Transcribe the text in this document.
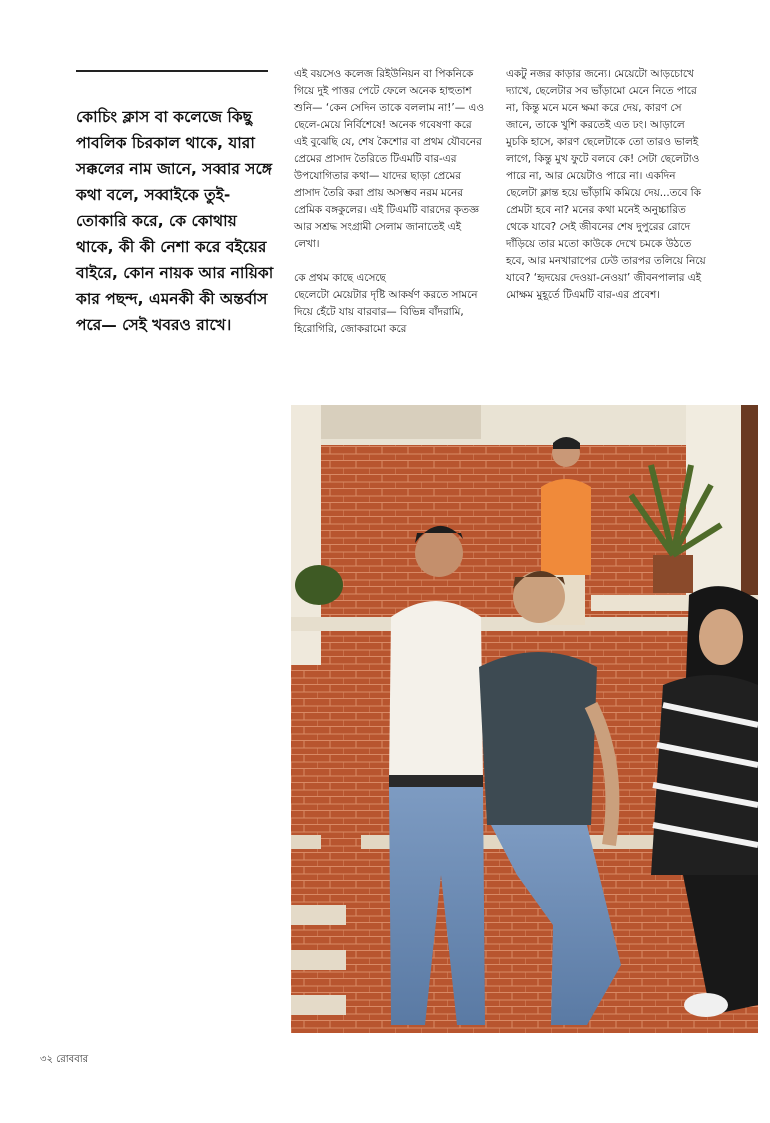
কোচিং ক্লাস বা কলেজে কিছু পাবলিক চিরকাল থাকে, যারা সক্কলের নাম জানে, সব্বার সঙ্গে কথা বলে, সব্বাইকে তুই-তোকারি করে, কে কোথায় থাকে, কী কী নেশা করে বইয়ের বাইরে, কোন নায়ক আর নায়িকা কার পছন্দ, এমনকী কী অন্তর্বাস পরে— সেই খবরও রাখে।

এই বয়সেও কলেজ রিইউনিয়ন বা পিকনিকে গিয়ে দুই পাত্তর পেটে ফেলে অনেক হাহুতাশ শুনি— ‘কেন সেদিন তাকে বললাম না!’— এও ছেলে-মেয়ে নির্বিশেষে! অনেক গবেষণা করে এই বুঝেছি যে, শেষ কৈশোর বা প্রথম যৌবনের প্রেমের প্রাসাদ তৈরিতে টিএমটি বার-এর উপযোগিতার কথা— যাদের ছাড়া প্রেমের প্রাসাদ তৈরি করা প্রায় অসম্ভব নরম মনের প্রেমিক বঙ্গকুলের। এই টিএমটি বারদের কৃতজ্ঞ আর সশ্রদ্ধ সংগ্রামী সেলাম জানাতেই এই লেখা।

কে প্রথম কাছে এসেছে

ছেলেটো মেয়েটার দৃষ্টি আকর্ষণ করতে সামনে দিয়ে হেঁটে যায় বারবার— বিভিন্ন বাঁদরামি, হিরোগিরি, জোকরামো করে

একটু নজর কাড়ার জন্যে। মেয়েটো আড়চোখে দ্যাখে, ছেলেটার সব ভাঁড়ামো মেনে নিতে পারে না, কিন্তু মনে মনে ক্ষমা করে দেয়, কারণ সে জানে, তাকে খুশি করতেই এত ঢং। আড়ালে মুচকি হাসে, কারণ ছেলেটাকে তো তারও ভালই লাগে, কিন্তু মুখ ফুটে বলবে কে! সেটা ছেলেটাও পারে না, আর মেয়েটাও পারে না। একদিন ছেলেটা ক্লান্ত হয়ে ভাঁড়ামি কমিয়ে দেয়...তবে কি প্রেমটা হবে না? মনের কথা মনেই অনুচ্চারিত থেকে যাবে? সেই জীবনের শেষ দুপুরের রোদে দাঁড়িয়ে তার মতো কাউকে দেখে চমকে উঠতে হবে, আর মনখারাপের ঢেউ তারপর তলিয়ে নিয়ে যাবে? ‘হৃদয়ের দেওয়া-নেওয়া’ জীবনপালার এই মোক্ষম মুহূর্তে টিএমটি বার-এর প্রবেশ।

৩২ রোববার
